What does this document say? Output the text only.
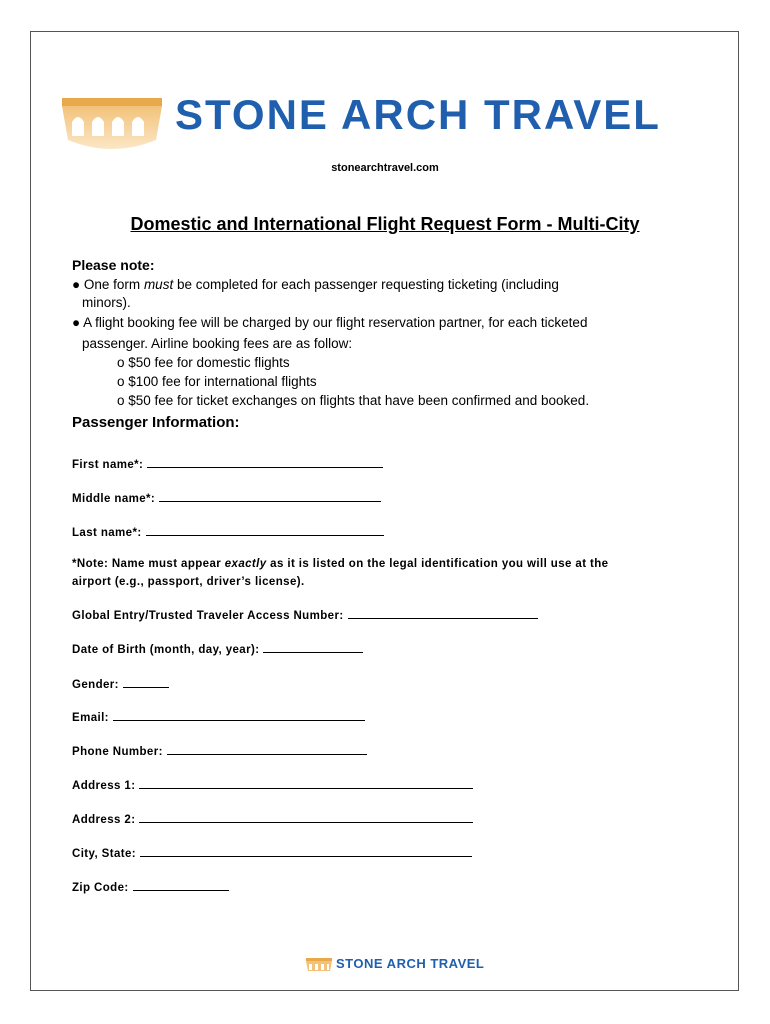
STONE ARCH TRAVEL
stonearchtravel.com
Domestic and International Flight Request Form - Multi-City
Please note:
● One form must be completed for each passenger requesting ticketing (including
minors).
● A flight booking fee will be charged by our flight reservation partner, for each ticketed
passenger. Airline booking fees are as follow:
o $50 fee for domestic flights
o $100 fee for international flights
o $50 fee for ticket exchanges on flights that have been confirmed and booked.
Passenger Information:
First name*:
Middle name*:
Last name*:
*Note: Name must appear exactly as it is listed on the legal identification you will use at the
airport (e.g., passport, driver’s license).
Global Entry/Trusted Traveler Access Number:
Date of Birth (month, day, year):
Gender:
Email:
Phone Number:
Address 1:
Address 2:
City, State:
Zip Code:
STONE ARCH TRAVEL
